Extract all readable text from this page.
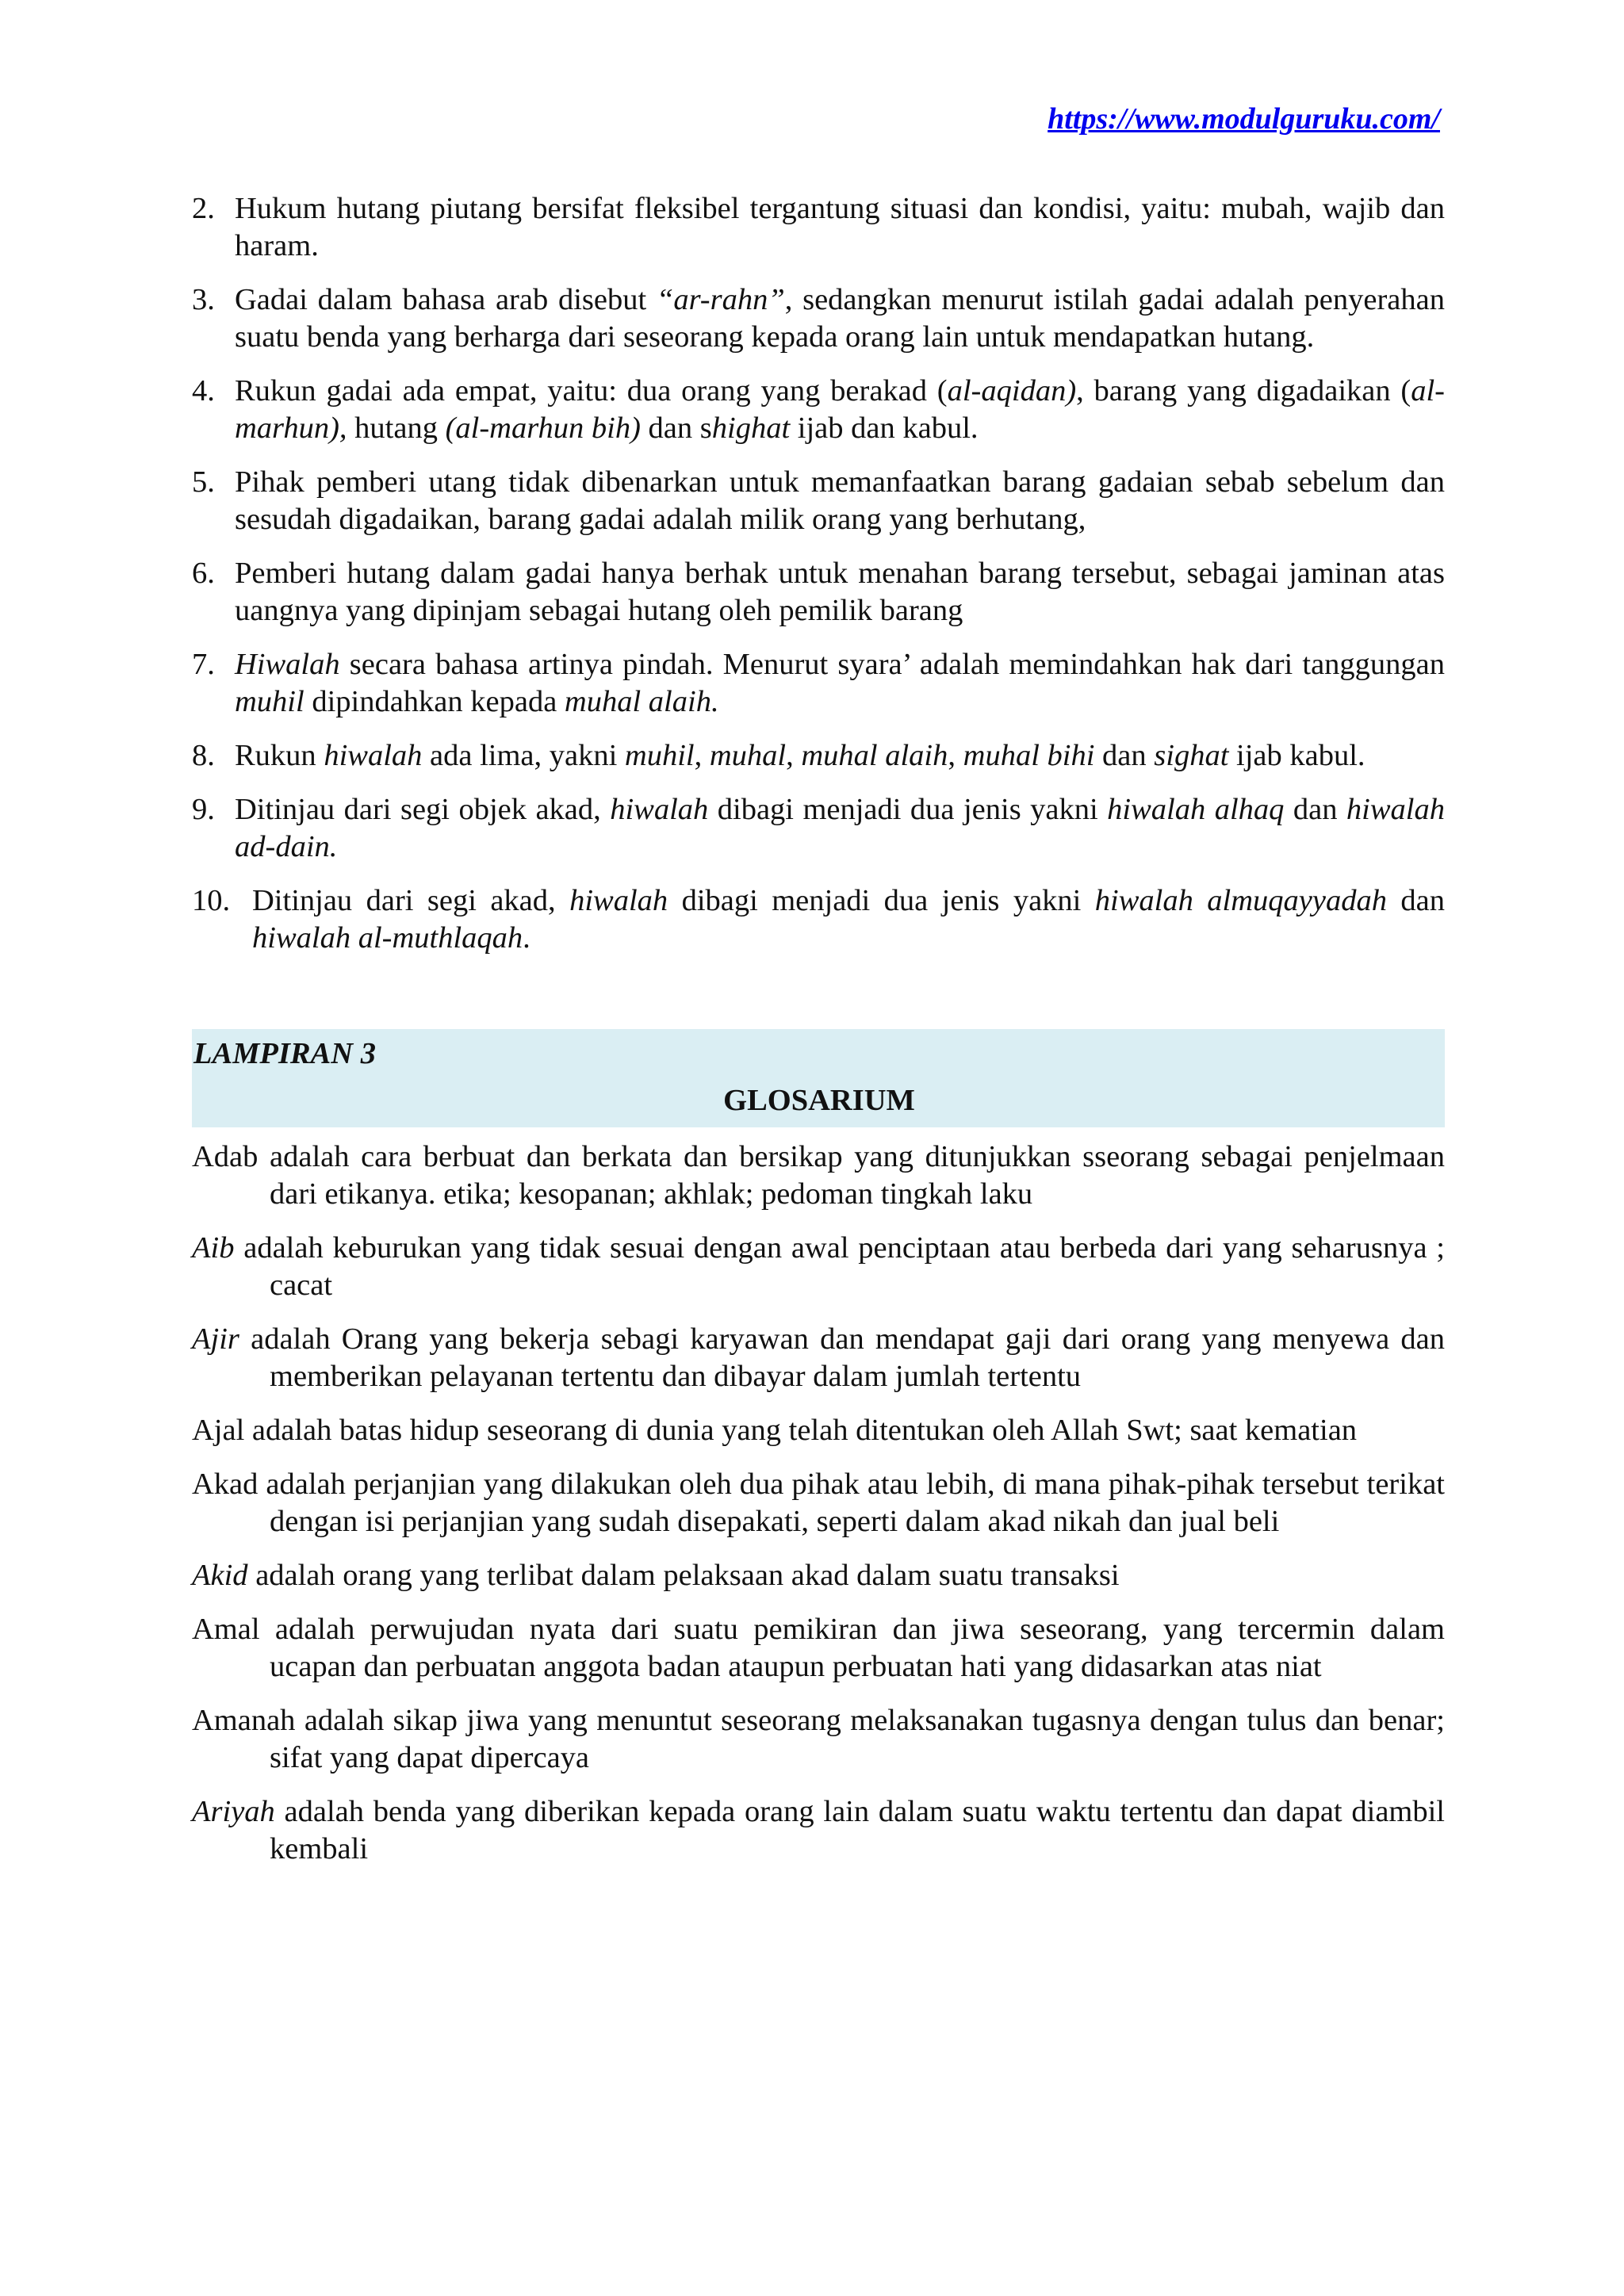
https://www.modulguruku.com/
2. Hukum hutang piutang bersifat fleksibel tergantung situasi dan kondisi, yaitu: mubah, wajib dan haram.
3. Gadai dalam bahasa arab disebut “ar-rahn”, sedangkan menurut istilah gadai adalah penyerahan suatu benda yang berharga dari seseorang kepada orang lain untuk mendapatkan hutang.
4. Rukun gadai ada empat, yaitu: dua orang yang berakad (al-aqidan), barang yang digadaikan (al-marhun), hutang (al-marhun bih) dan shighat ijab dan kabul.
5. Pihak pemberi utang tidak dibenarkan untuk memanfaatkan barang gadaian sebab sebelum dan sesudah digadaikan, barang gadai adalah milik orang yang berhutang,
6. Pemberi hutang dalam gadai hanya berhak untuk menahan barang tersebut, sebagai jaminan atas uangnya yang dipinjam sebagai hutang oleh pemilik barang
7. Hiwalah secara bahasa artinya pindah. Menurut syara’ adalah memindahkan hak dari tanggungan muhil dipindahkan kepada muhal alaih.
8. Rukun hiwalah ada lima, yakni muhil, muhal, muhal alaih, muhal bihi dan sighat ijab kabul.
9. Ditinjau dari segi objek akad, hiwalah dibagi menjadi dua jenis yakni hiwalah alhaq dan hiwalah ad-dain.
10. Ditinjau dari segi akad, hiwalah dibagi menjadi dua jenis yakni hiwalah almuqayyadah dan hiwalah al-muthlaqah.
LAMPIRAN 3
GLOSARIUM

Adab adalah cara berbuat dan berkata dan bersikap yang ditunjukkan sseorang sebagai penjelmaan dari etikanya. etika; kesopanan; akhlak; pedoman tingkah laku

Aib adalah keburukan yang tidak sesuai dengan awal penciptaan atau berbeda dari yang seharusnya ; cacat

Ajir adalah Orang yang bekerja sebagi karyawan dan mendapat gaji dari orang yang menyewa dan memberikan pelayanan tertentu dan dibayar dalam jumlah tertentu

Ajal adalah batas hidup seseorang di dunia yang telah ditentukan oleh Allah Swt; saat kematian

Akad adalah perjanjian yang dilakukan oleh dua pihak atau lebih, di mana pihak-pihak tersebut terikat dengan isi perjanjian yang sudah disepakati, seperti dalam akad nikah dan jual beli

Akid adalah orang yang terlibat dalam pelaksaan akad dalam suatu transaksi

Amal adalah perwujudan nyata dari suatu pemikiran dan jiwa seseorang, yang tercermin dalam ucapan dan perbuatan anggota badan ataupun perbuatan hati yang didasarkan atas niat

Amanah adalah sikap jiwa yang menuntut seseorang melaksanakan tugasnya dengan tulus dan benar; sifat yang dapat dipercaya

Ariyah adalah benda yang diberikan kepada orang lain dalam suatu waktu tertentu dan dapat diambil kembali
